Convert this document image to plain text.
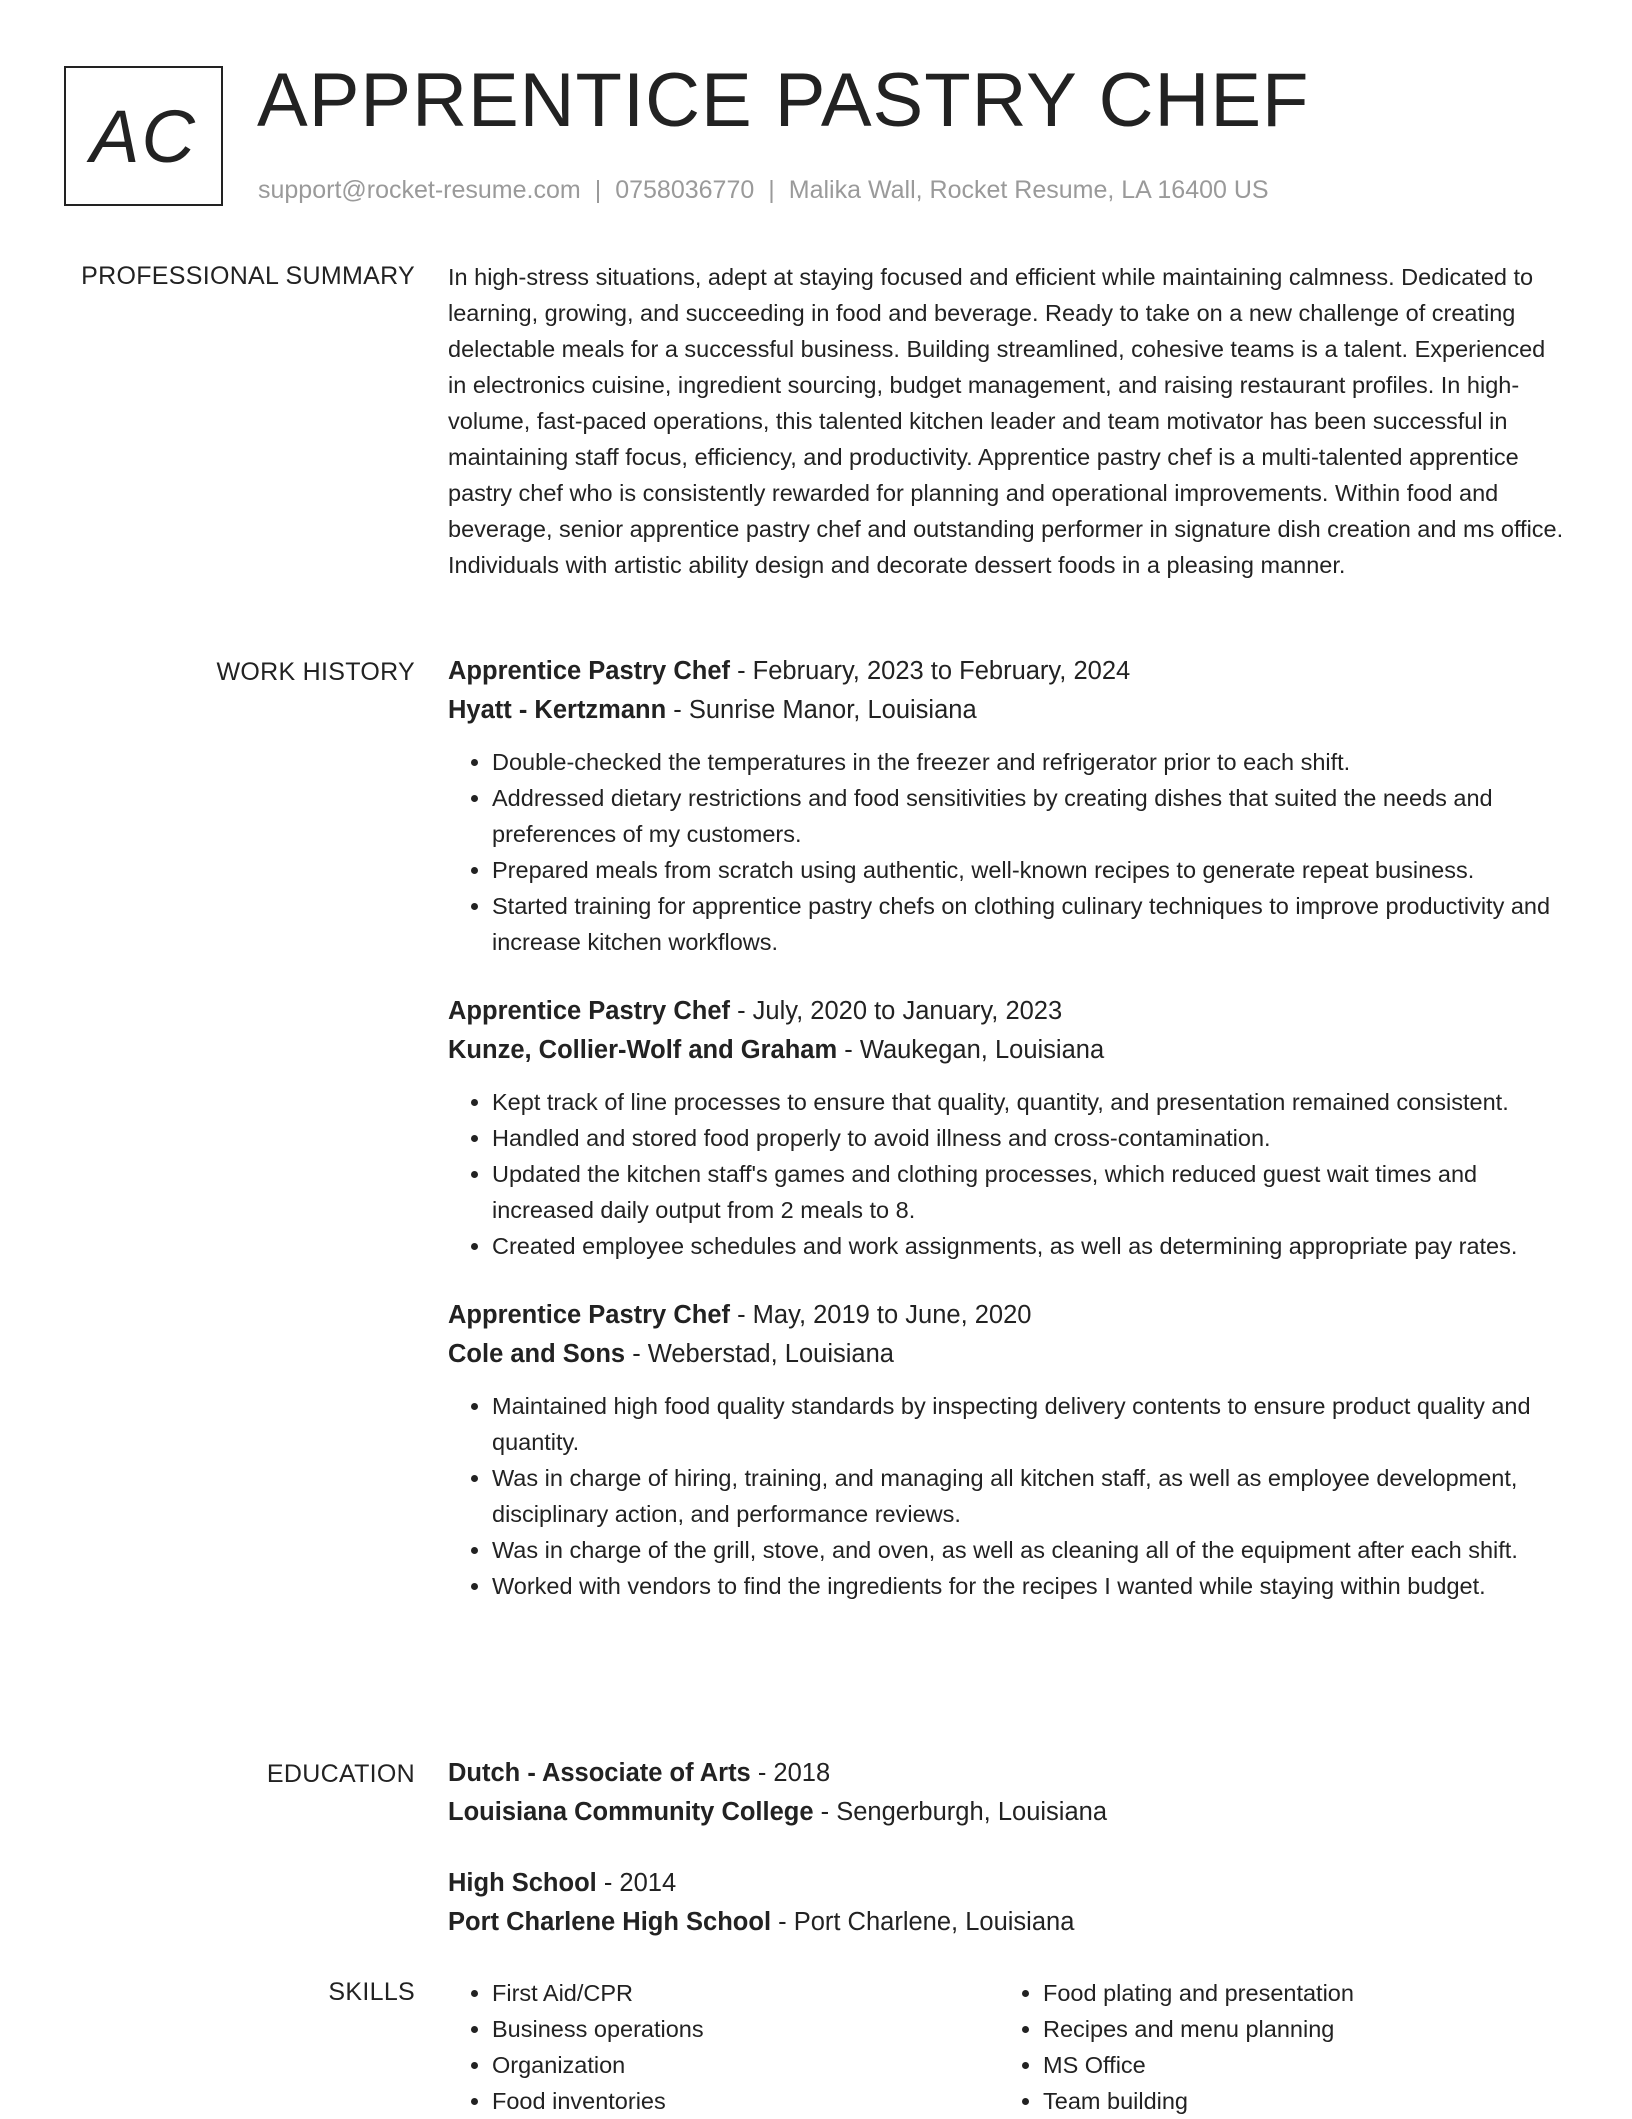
AC APPRENTICE PASTRY CHEF
support@rocket-resume.com | 0758036770 | Malika Wall, Rocket Resume, LA 16400 US
PROFESSIONAL SUMMARY In high-stress situations, adept at staying focused and efficient while maintaining calmness. Dedicated to learning, growing, and succeeding in food and beverage. Ready to take on a new challenge of creating delectable meals for a successful business. Building streamlined, cohesive teams is a talent. Experienced in electronics cuisine, ingredient sourcing, budget management, and raising restaurant profiles. In high-volume, fast-paced operations, this talented kitchen leader and team motivator has been successful in maintaining staff focus, efficiency, and productivity. Apprentice pastry chef is a multi-talented apprentice pastry chef who is consistently rewarded for planning and operational improvements. Within food and beverage, senior apprentice pastry chef and outstanding performer in signature dish creation and ms office. Individuals with artistic ability design and decorate dessert foods in a pleasing manner.

WORK HISTORY Apprentice Pastry Chef - February, 2023 to February, 2024
Hyatt - Kertzmann - Sunrise Manor, Louisiana
• Double-checked the temperatures in the freezer and refrigerator prior to each shift.
• Addressed dietary restrictions and food sensitivities by creating dishes that suited the needs and preferences of my customers.
• Prepared meals from scratch using authentic, well-known recipes to generate repeat business.
• Started training for apprentice pastry chefs on clothing culinary techniques to improve productivity and increase kitchen workflows.
Apprentice Pastry Chef - July, 2020 to January, 2023
Kunze, Collier-Wolf and Graham - Waukegan, Louisiana
• Kept track of line processes to ensure that quality, quantity, and presentation remained consistent.
• Handled and stored food properly to avoid illness and cross-contamination.
• Updated the kitchen staff's games and clothing processes, which reduced guest wait times and increased daily output from 2 meals to 8.
• Created employee schedules and work assignments, as well as determining appropriate pay rates.
Apprentice Pastry Chef - May, 2019 to June, 2020
Cole and Sons - Weberstad, Louisiana
• Maintained high food quality standards by inspecting delivery contents to ensure product quality and quantity.
• Was in charge of hiring, training, and managing all kitchen staff, as well as employee development, disciplinary action, and performance reviews.
• Was in charge of the grill, stove, and oven, as well as cleaning all of the equipment after each shift.
• Worked with vendors to find the ingredients for the recipes I wanted while staying within budget.
EDUCATION Dutch - Associate of Arts - 2018
Louisiana Community College - Sengerburgh, Louisiana
High School - 2014
Port Charlene High School - Port Charlene, Louisiana
SKILLS
•	First Aid/CPR
• Business operations
• Organization
• Food inventories
• Food plating and presentation
• Recipes and menu planning
• MS Office
• Team building
